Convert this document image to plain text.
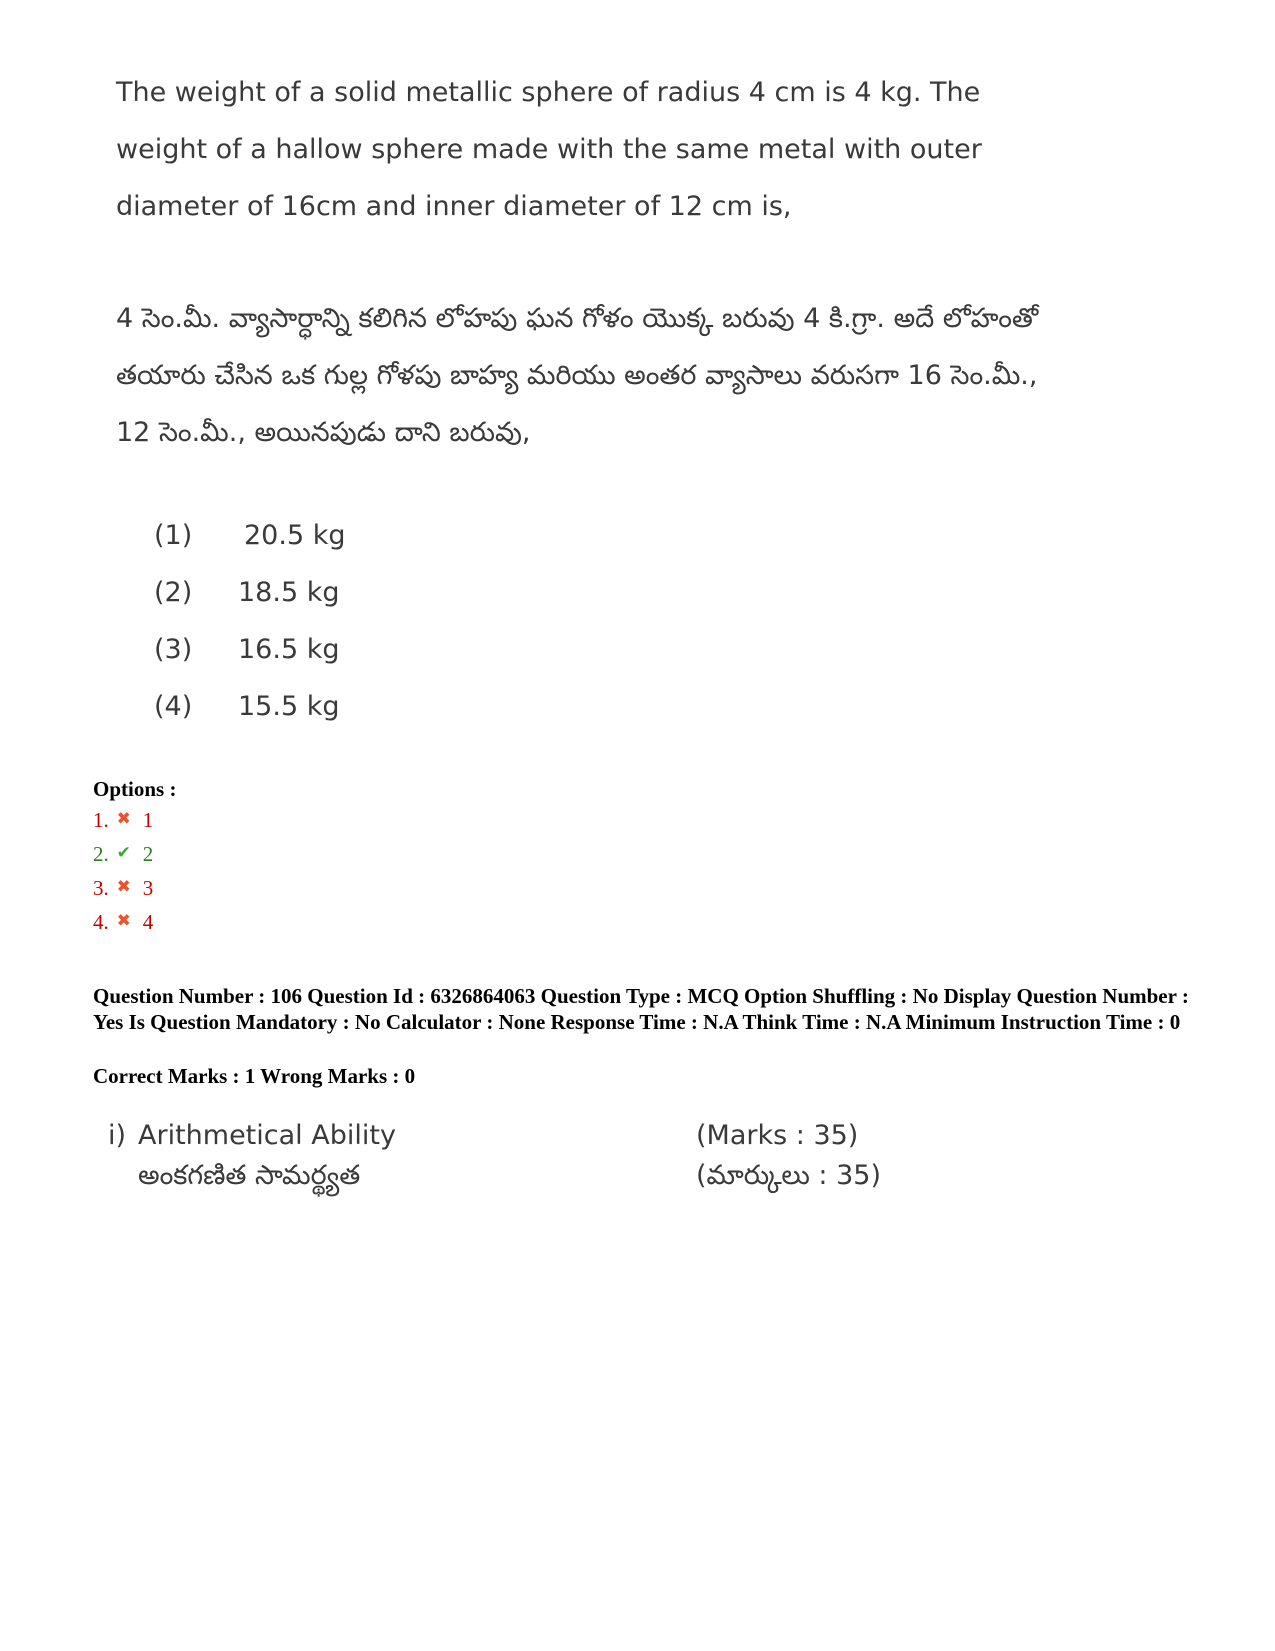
The weight of a solid metallic sphere of radius 4 cm is 4 kg. The weight of a hallow sphere made with the same metal with outer diameter of 16cm and inner diameter of 12 cm is,
4 సెం.మీ. వ్యాసార్ధాన్ని కలిగిన లోహపు ఘన గోళం యొక్క బరువు 4 కి.గ్రా. అదే లోహంతో తయారు చేసిన ఒక గుల్ల గోళపు బాహ్య మరియు అంతర వ్యాసాలు వరుసగా 16 సెం.మీ., 12 సెం.మీ., అయినపుడు దాని బరువు,
(1) 20.5 kg
(2) 18.5 kg
(3) 16.5 kg
(4) 15.5 kg
Options :
1. ✖ 1
2. ✔ 2
3. ✖ 3
4. ✖ 4
Question Number : 106 Question Id : 6326864063 Question Type : MCQ Option Shuffling : No Display Question Number : Yes Is Question Mandatory : No Calculator : None Response Time : N.A Think Time : N.A Minimum Instruction Time : 0
Correct Marks : 1 Wrong Marks : 0
i) Arithmetical Ability
అంకగణిత సామర్థ్యత
(Marks : 35)
(మార్కులు : 35)
